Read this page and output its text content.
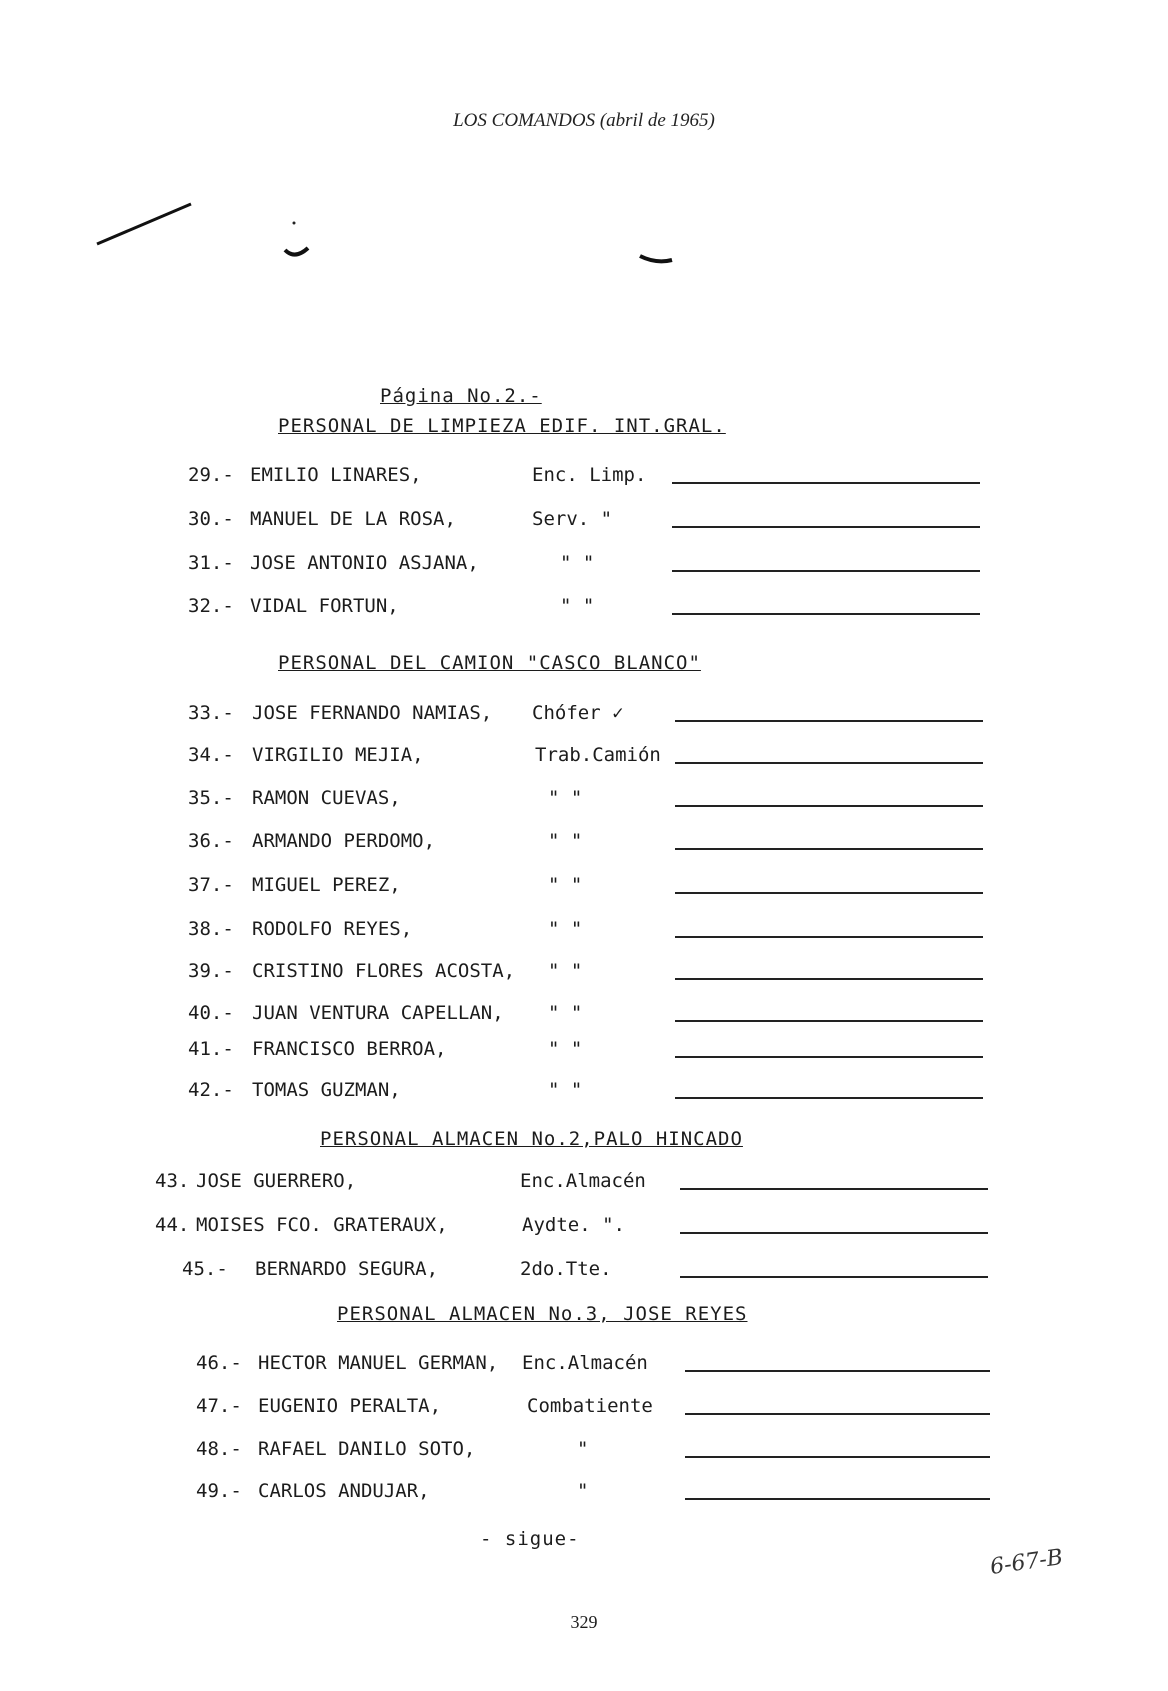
LOS COMANDOS (abril de 1965)
Página No.2.-
PERSONAL DE LIMPIEZA EDIF. INT.GRAL.
29.- EMILIO LINARES,	Enc. Limp.
30.- MANUEL DE LA ROSA,	Serv. "
31.- JOSE ANTONIO ASJANA,	" "
32.- VIDAL FORTUN,	" "
PERSONAL DEL CAMION "CASCO BLANCO"
33.- JOSE FERNANDO NAMIAS, Chófer ✓
34.- VIRGILIO MEJIA,	Trab.Camión
35.- RAMON CUEVAS,	" "
36.- ARMANDO PERDOMO,	" "
37.- MIGUEL PEREZ,	" "
38.- RODOLFO REYES,	" "
39.- CRISTINO FLORES ACOSTA, " "
40.- JUAN VENTURA CAPELLAN, " "
41.- FRANCISCO BERROA,	" "
42.- TOMAS GUZMAN,	" "
PERSONAL ALMACEN No.2,PALO HINCADO
43. JOSE GUERRERO,	Enc.Almacén
44. MOISES FCO. GRATERAUX,	Aydte. ".
45.- BERNARDO SEGURA,	2do.Tte.
PERSONAL ALMACEN No.3, JOSE REYES
46.- HECTOR MANUEL GERMAN, Enc.Almacén
47.- EUGENIO PERALTA,	Combatiente
48.- RAFAEL DANILO SOTO,	"
49.- CARLOS ANDUJAR,	"
- sigue-
6-67-B
329
